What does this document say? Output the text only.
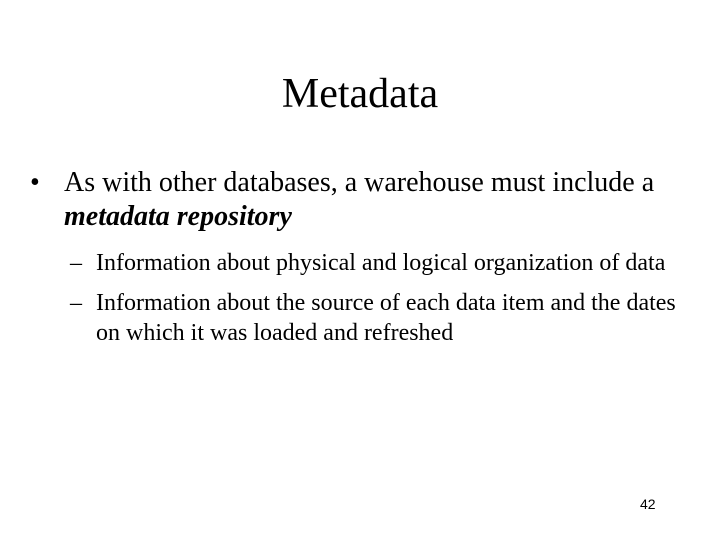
Metadata
• As with other databases, a warehouse must include a metadata repository
– Information about physical and logical organization of data
– Information about the source of each data item and the dates on which it was loaded and refreshed
42
